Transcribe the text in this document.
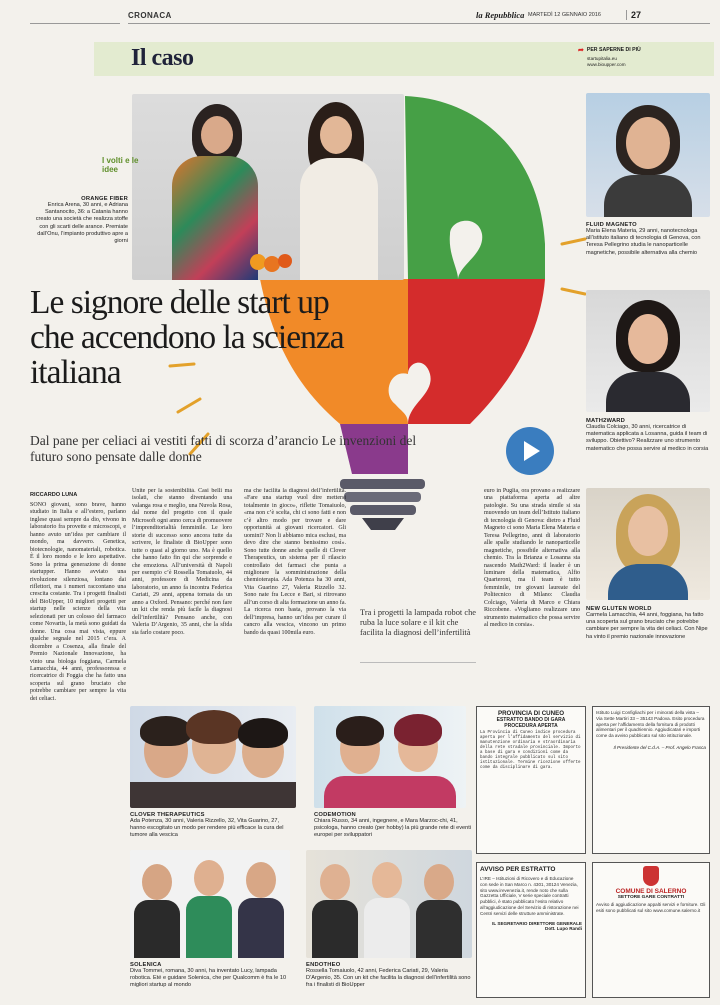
CRONACA	la Repubblica MARTEDÌ 12 GENNAIO 2016	27
Il caso	➦ PER SAPERNE DI PIÙ
startupitalia.eu
www.bioupper.com
I volti e le idee
ORANGE FIBER
Enrica Arena, 30 anni, e Adriana Santanocito, 36: a Catania hanno creato una società che realizza stoffe con gli scarti delle arance. Premiate dall’Onu, l’impianto produttivo apre a giorni
Le signore delle start up che accendono la scienza italiana
Dal pane per celiaci ai vestiti fatti di scorza d’arancio Le invenzioni del futuro sono pensate dalle donne
FLUID MAGNETO
Maria Elena Materia, 29 anni, nanotecnologa all’istituto italiano di tecnologia di Genova, con Teresa Pellegrino studia le nanoparticelle magnetiche, possibile alternativa alla chemio
MATH2WARD
Claudia Colciago, 30 anni, ricercatrice di matematica applicata a Losanna, guida il team di sviluppo. Obiettivo? Realizzare uno strumento matematico che possa servire al medico in corsia
NEW GLUTEN WORLD
Carmela Lamacchia, 44 anni, foggiana, ha fatto una scoperta sul grano bruciato che potrebbe cambiare per sempre la vita dei celiaci. Con Nipe ha vinto il premio nazionale innovazione
RICCARDO LUNA
SONO giovani, sono brave, hanno studiato in Italia e all’estero, parlano inglese quasi sempre da dio, vivono in laboratorio fra provette e microscopi, e hanno avuto un’idea per cambiare il mondo, ma davvero. Genetica, biotecnologie, nanomateriali, robotica. È il loro mondo e le loro aspettative. Sono la prima generazione di donne startupper. Hanno avviato una rivoluzione silenziosa, lontano dai riflettori, ma i numeri raccontano una crescita costante. Tra i progetti finalisti del BioUpper, 10 migliori progetti per startup nelle scienze della vita selezionati per un colosso del farmaco come Novartis, la metà sono guidati da donne. Una cosa mai vista, eppure qualche segnale nel 2015 c’era. A dicembre a Cosenza, alla finale del Premio Nazionale Innovazione, ha vinto una biologa foggiana, Carmela Lamacchia, 44 anni, professoressa e ricercatrice di Foggia che ha fatto una scoperta sul grano bruciato che potrebbe cambiare per sempre la vita dei celiaci.
Unite per la sostenibilità. Casi belli ma isolati, che stanno diventando una valanga rosa e meglio, una Nuvola Rosa, dal nome del progetto con il quale Microsoft ogni anno cerca di promuovere l’imprenditorialità femminile. Le loro storie di successo sono ancora tutte da scrivere, le finaliste di BioUpper sono tutte o quasi al giorno uno. Ma è quello che hanno fatto fin qui che sorprende e che emoziona. All’università di Napoli per esempio c’è Rossella Tomaiuolo, 44 anni, professore di Medicina da laboratorio, un anno fa incontra Federica Cariati, 29 anni, appena tornata da un anno a Oxford. Pensano: perché non fare un kit che renda più facile la diagnosi dell’infertilità? Pensano anche, con Valeria D’Argenio, 35 anni, che la sfida sia farlo costare poco.
ma che facilita la diagnosi dell’infertilità. «Fare una startup vuol dire mettersi totalmente in gioco», riflette Tomaiuolo, «ma non c’è scelta, chi ci sono fatti e non c’è altro modo per trovare e dare opportunità ai giovani ricercatori. Gli uomini? Non li abbiamo mica esclusi, ma devo dire che stanno benissimo così». Sono tutte donne anche quelle di Clover Therapeutics, un sistema per il rilascio controllato dei farmaci che punta a migliorare la somministrazione della chemioterapia. Ada Potenza ha 30 anni, Vita Guarino 27, Valeria Rizzello 32. Sono nate fra Lecce e Bari, si ritrovano all’un corso di alta formazione un anno fa. La ricerca non basta, provano la via dell’impresa, hanno un’idea per curare il cancro alla vescica, vincono un primo bando da quasi 100mila euro.
euro in Puglia, ora provano a realizzare una piattaforma aperta ad altre patologie. Su una strada simile si sta muovendo un team dell’Istituto italiano di tecnologia di Genova: dietro a Fluid Magneto ci sono Maria Elena Materia e Teresa Pellegrino, anni di laboratorio alle spalle studiando le nanoparticelle magnetiche, possibile alternativa alla chemio. Tra la Brianza e Losanna sta nascendo Math2Ward: il leader è un luminare della matematica, Alfio Quarteroni, ma il team è tutto femminile, tre giovani laureate del Politecnico di Milano: Claudia Colciago, Valeria di Marco e Chiara Riccobene. «Vogliamo realizzare uno strumento matematico che possa servire al medico in corsia».
Tra i progetti la lampada robot che ruba la luce solare e il kit che facilita la diagnosi dell’infertilità
CLOVER THERAPEUTICS
Ada Potenza, 30 anni, Valeria Rizzello, 32, Vita Guarino, 27, hanno escogitato un modo per rendere più efficace la cura del tumore alla vescica
CODEMOTION
Chiara Russo, 34 anni, ingegnere, e Mara Marzoc-chi, 41, psicologa, hanno creato (per hobby) la più grande rete di eventi europei per sviluppatori
SOLENICA
Diva Tommei, romana, 30 anni, ha inventato Lucy, lampada robotica. Eté e guidare Solenica, che per Qualcomm è fra le 10 migliori startup al mondo
ENDOTHEO
Rossella Tomaiuolo, 42 anni, Federica Cariati, 29, Valeria D’Argenio, 35. Con un kit che facilita la diagnosi dell’infertilità sono fra i finalisti di BioUpper
PROVINCIA DI CUNEO
ESTRATTO BANDO DI GARA PROCEDURA APERTA
La Provincia di Cuneo indice procedura aperta per l’affidamento del servizio di manutenzione ordinaria e straordinaria della rete stradale provinciale. Importo a base di gara e condizioni come da bando integrale pubblicato sul sito istituzionale. Termine ricezione offerte come da disciplinare di gara.
AVVISO PER ESTRATTO
L’IRE – Istituzioni di Ricovero e di Educazione con sede in San Marco n. 4301, 30124 Venezia, sito www.irevenezia.it, rende noto che sulla Gazzetta Ufficiale, V serie speciale contratti pubblici, è stato pubblicato l’esito relativo all’aggiudicazione del Servizio di ristorazione nei Centri servizi delle strutture amministrate.
IL SEGRETARIO DIRETTORE GENERALE
Dott. Lupo Randi
Istituto Luigi Configliachi per i minorati della vista – Via Sette Martiri 33 – 35143 Padova. Esito procedura aperta per l’affidamento della fornitura di prodotti alimentari per il quadriennio. Aggiudicatari e importi come da avviso pubblicato sul sito istituzionale.
Il Presidente del C.d.A. – Prof. Angelo Frasca
COMUNE DI SALERNO
SETTORE GARE CONTRATTI
Avviso di aggiudicazione appalti servizi e forniture. Gli esiti sono pubblicati sul sito www.comune.salerno.it
